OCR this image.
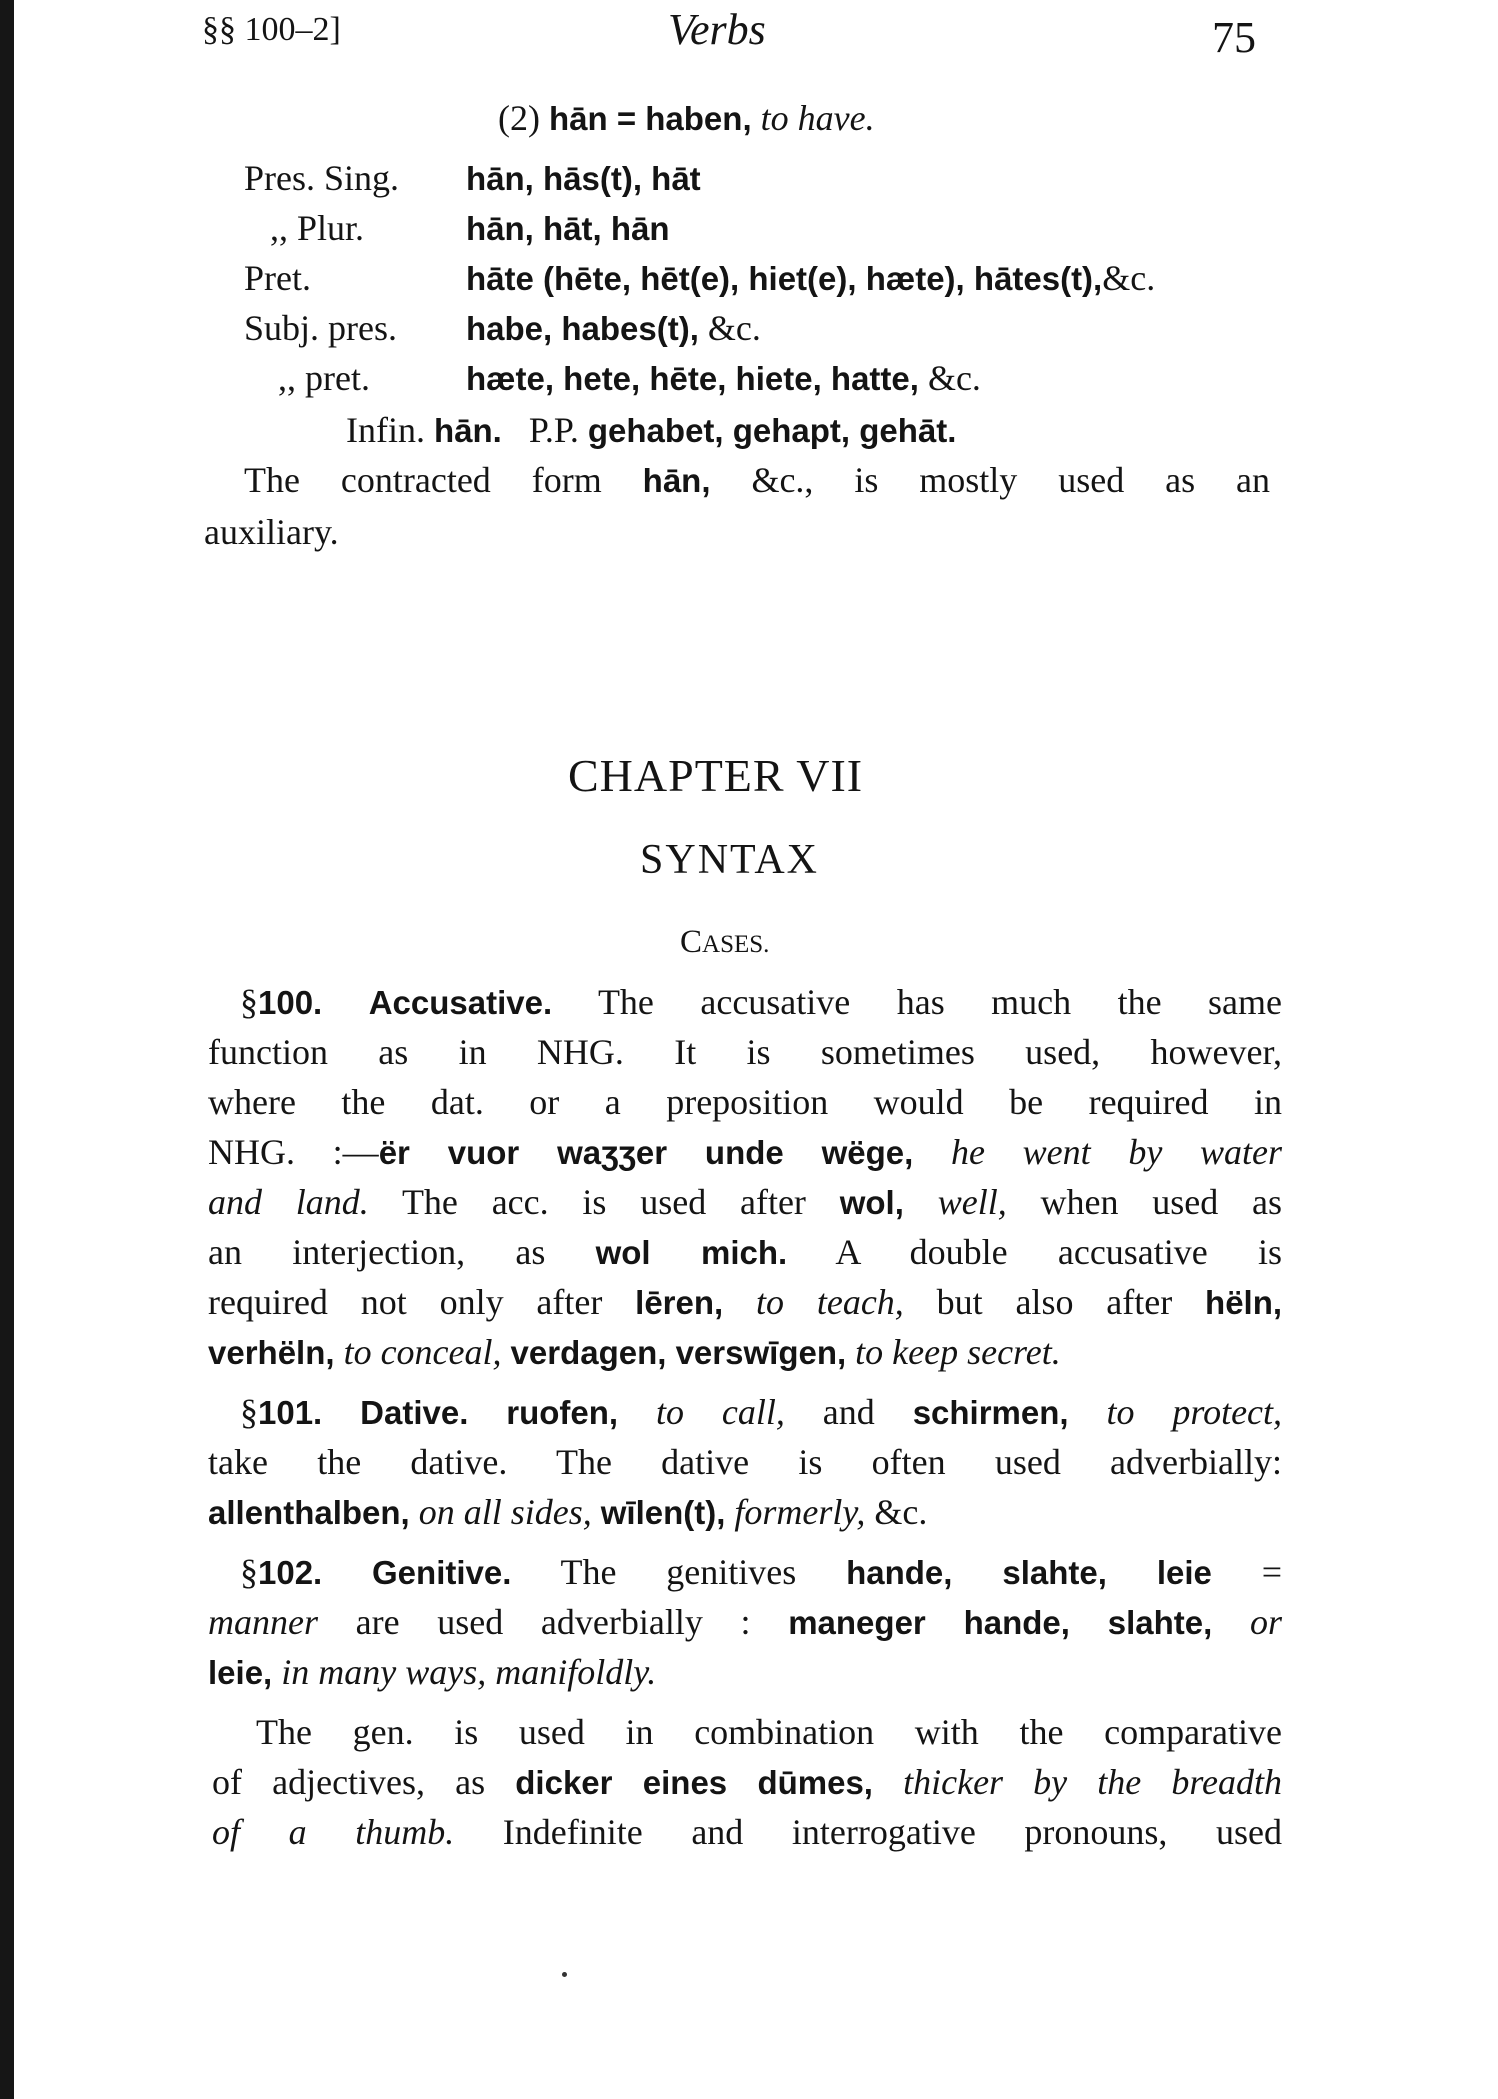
§§ 100–2]	Verbs	75
(2) hān = haben, to have.
Pres. Sing. hān, hās(t), hāt
,, Plur.	hān, hāt, hān
Pret.	hāte (hēte, hēt(e), hiet(e), hæte), hātes(t),&c.
Subj. pres. habe, habes(t), &c.
,, pret.	hæte, hete, hēte, hiete, hatte, &c.
Infin. hān. P.P. gehabet, gehapt, gehāt.
The contracted form hān, &c., is mostly used as an
auxiliary.
CHAPTER VII
SYNTAX
CASES.
§100. Accusative. The accusative has much the same
function as in NHG. It is sometimes used, however,
where the dat. or a preposition would be required in
NHG. :—ër vuor waʒʒer unde wëge, he went by water
and land. The acc. is used after wol, well, when used as
an interjection, as wol mich. A double accusative is
required not only after lēren, to teach, but also after hëln,
verhëln, to conceal, verdagen, verswīgen, to keep secret.
§101. Dative. ruofen, to call, and schirmen, to protect,
take the dative. The dative is often used adverbially:
allenthalben, on all sides, wīlen(t), formerly, &c.
§102. Genitive. The genitives hande, slahte, leie =
manner are used adverbially : maneger hande, slahte, or
leie, in many ways, manifoldly.
The gen. is used in combination with the comparative
of adjectives, as dicker eines dūmes, thicker by the breadth
of a thumb. Indefinite and interrogative pronouns, used
